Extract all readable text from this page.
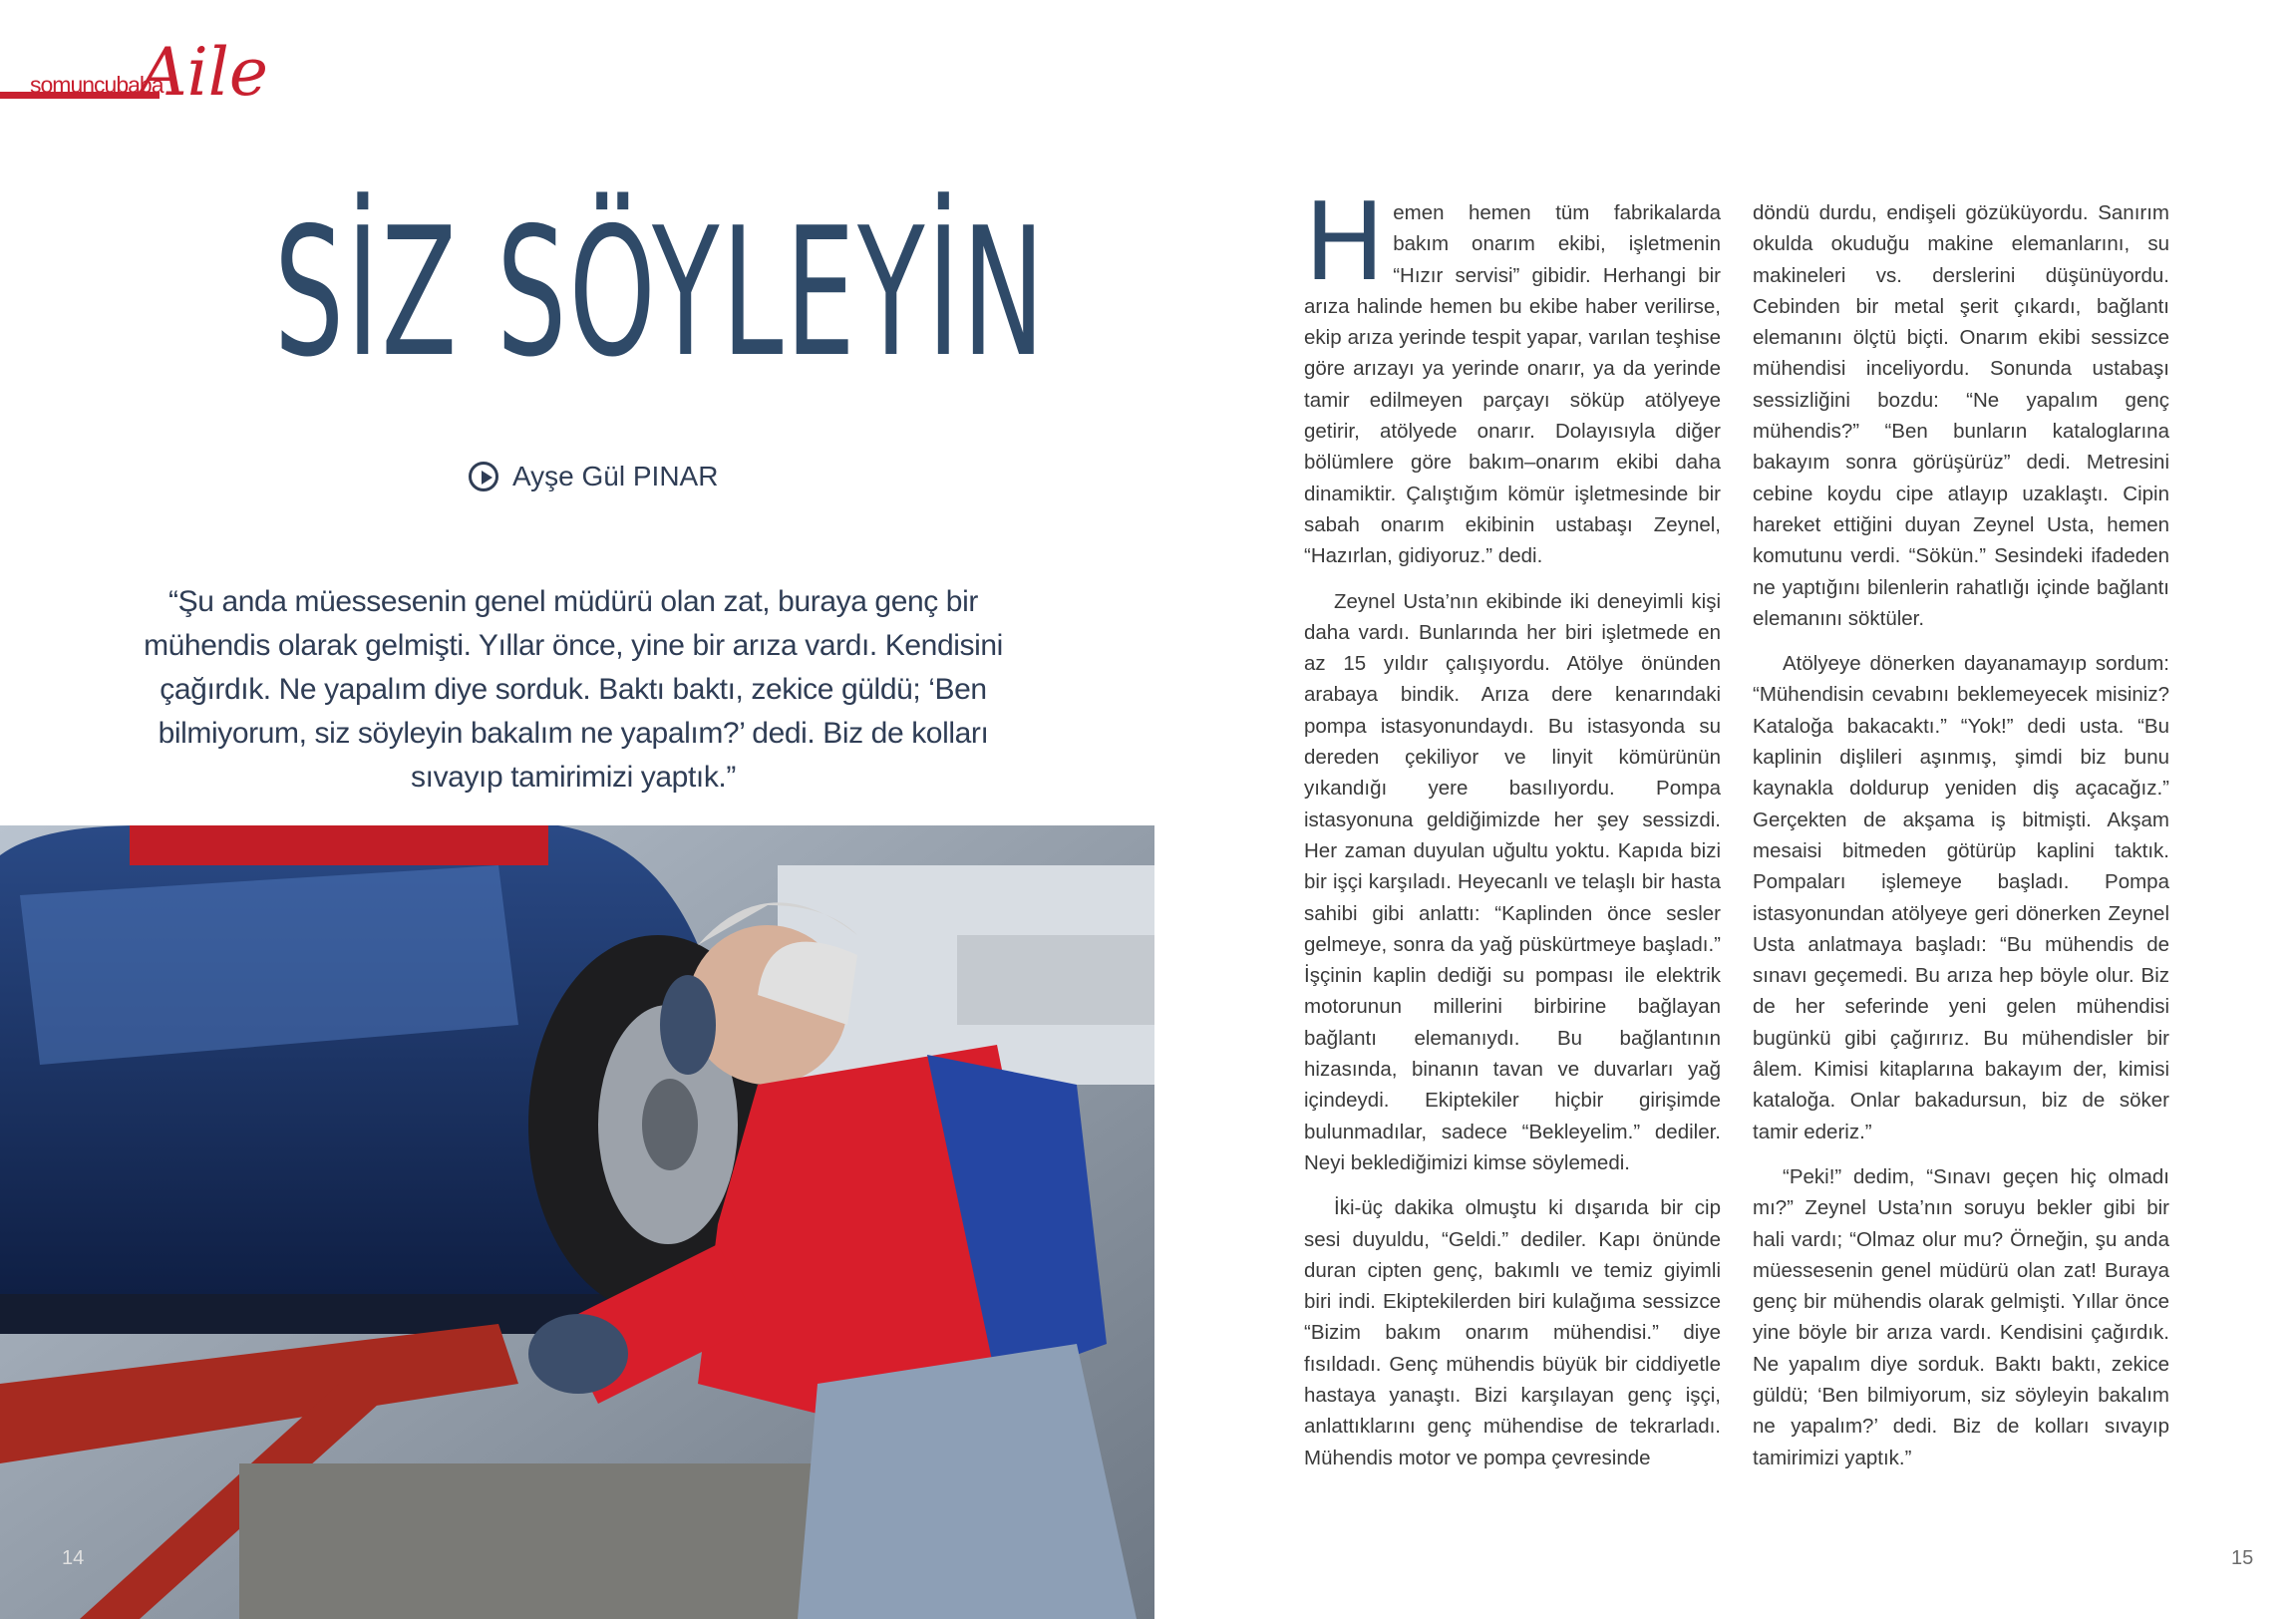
somuncubaba
Aile
SİZ SÖYLEYİN
Ayşe Gül PINAR
“Şu anda müessesenin genel müdürü olan zat, buraya genç bir mühendis olarak gelmişti. Yıllar önce, yine bir arıza vardı. Kendisini çağırdık. Ne yapalım diye sorduk. Baktı baktı, zekice güldü; ‘Ben bilmiyorum, siz söyleyin bakalım ne yapalım?’ dedi. Biz de kolları sıvayıp tamirimizi yaptık.”
14	15

Hemen hemen tüm fabrikalarda bakım onarım ekibi, işletmenin “Hızır servisi” gibidir. Herhangi bir arıza halinde hemen bu ekibe haber verilirse, ekip arıza yerinde tespit yapar, varılan teşhise göre arızayı ya yerinde onarır, ya da yerinde tamir edilmeyen parçayı söküp atölyeye getirir, atölyede onarır. Dolayısıyla diğer bölümlere göre bakım–onarım ekibi daha dinamiktir. Çalıştığım kömür işletmesinde bir sabah onarım ekibinin ustabaşı Zeynel, “Hazırlan, gidiyoruz.” dedi.

Zeynel Usta’nın ekibinde iki deneyimli kişi daha vardı. Bunlarında her biri işletmede en az 15 yıldır çalışıyordu. Atölye önünden arabaya bindik. Arıza dere kenarındaki pompa istasyonundaydı. Bu istasyonda su dereden çekiliyor ve linyit kömürünün yıkandığı yere basılıyordu. Pompa istasyonuna geldiğimizde her şey sessizdi. Her zaman duyulan uğultu yoktu. Kapıda bizi bir işçi karşıladı. Heyecanlı ve telaşlı bir hasta sahibi gibi anlattı: “Kaplinden önce sesler gelmeye, sonra da yağ püskürtmeye başladı.” İşçinin kaplin dediği su pompası ile elektrik motorunun millerini birbirine bağlayan bağlantı elemanıydı. Bu bağlantının hizasında, binanın tavan ve duvarları yağ içindeydi. Ekiptekiler hiçbir girişimde bulunmadılar, sadece “Bekleyelim.” dediler. Neyi beklediğimizi kimse söylemedi.

İki-üç dakika olmuştu ki dışarıda bir cip sesi duyuldu, “Geldi.” dediler. Kapı önünde duran cipten genç, bakımlı ve temiz giyimli biri indi. Ekiptekilerden biri kulağıma sessizce “Bizim bakım onarım mühendisi.” diye fısıldadı. Genç mühendis büyük bir ciddiyetle hastaya yanaştı. Bizi karşılayan genç işçi, anlattıklarını genç mühendise de tekrarladı. Mühendis motor ve pompa çevresinde

döndü durdu, endişeli gözüküyordu. Sanırım okulda okuduğu makine elemanlarını, su makineleri vs. derslerini düşünüyordu. Cebinden bir metal şerit çıkardı, bağlantı elemanını ölçtü biçti. Onarım ekibi sessizce mühendisi inceliyordu. Sonunda ustabaşı sessizliğini bozdu: “Ne yapalım genç mühendis?” “Ben bunların kataloglarına bakayım sonra görüşürüz” dedi. Metresini cebine koydu cipe atlayıp uzaklaştı. Cipin hareket ettiğini duyan Zeynel Usta, hemen komutunu verdi. “Sökün.” Sesindeki ifadeden ne yaptığını bilenlerin rahatlığı içinde bağlantı elemanını söktüler.

Atölyeye dönerken dayanamayıp sordum: “Mühendisin cevabını beklemeyecek misiniz? Kataloğa bakacaktı.” “Yok!” dedi usta. “Bu kaplinin dişlileri aşınmış, şimdi biz bunu kaynakla doldurup yeniden diş açacağız.” Gerçekten de akşama iş bitmişti. Akşam mesaisi bitmeden götürüp kaplini taktık. Pompaları işlemeye başladı. Pompa istasyonundan atölyeye geri dönerken Zeynel Usta anlatmaya başladı: “Bu mühendis de sınavı geçemedi. Bu arıza hep böyle olur. Biz de her seferinde yeni gelen mühendisi bugünkü gibi çağırırız. Bu mühendisler bir âlem. Kimisi kitaplarına bakayım der, kimisi kataloğa. Onlar bakadursun, biz de söker tamir ederiz.”

“Peki!” dedim, “Sınavı geçen hiç olmadı mı?” Zeynel Usta’nın soruyu bekler gibi bir hali vardı; “Olmaz olur mu? Örneğin, şu anda müessesenin genel müdürü olan zat! Buraya genç bir mühendis olarak gelmişti. Yıllar önce yine böyle bir arıza vardı. Kendisini çağırdık. Ne yapalım diye sorduk. Baktı baktı, zekice güldü; ‘Ben bilmiyorum, siz söyleyin bakalım ne yapalım?’ dedi. Biz de kolları sıvayıp tamirimizi yaptık.”
